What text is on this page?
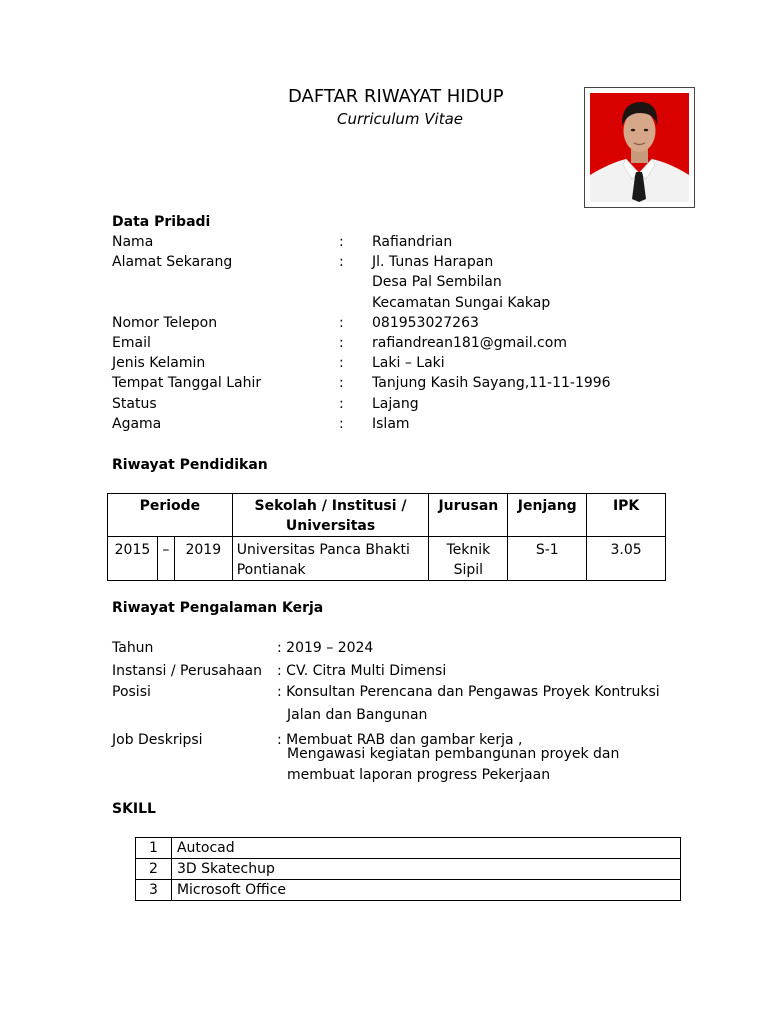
DAFTAR RIWAYAT HIDUP
Curriculum Vitae
Data Pribadi
Nama	: Rafiandrian
Alamat Sekarang	: Jl. Tunas Harapan
Desa Pal Sembilan
Kecamatan Sungai Kakap
Nomor Telepon	: 081953027263
Email	: rafiandrean181@gmail.com
Jenis Kelamin	: Laki – Laki
Tempat Tanggal Lahir	: Tanjung Kasih Sayang,11-11-1996
Status	: Lajang
Agama	: Islam
Riwayat Pendidikan
Periode			Sekolah / Institusi / Universitas	Jurusan	Jenjang	IPK
2015	–	2019	Universitas Panca Bhakti Pontianak	Teknik Sipil	S-1	3.05
Riwayat Pengalaman Kerja
Tahun	: 2019 – 2024
Instansi / Perusahaan : CV. Citra Multi Dimensi
Posisi	: Konsultan Perencana dan Pengawas Proyek Kontruksi
Jalan dan Bangunan
Job Deskripsi	: Membuat RAB dan gambar kerja ,
Mengawasi kegiatan pembangunan proyek dan
membuat laporan progress Pekerjaan
SKILL
1	Autocad
2	3D Skatechup
3	Microsoft Office
